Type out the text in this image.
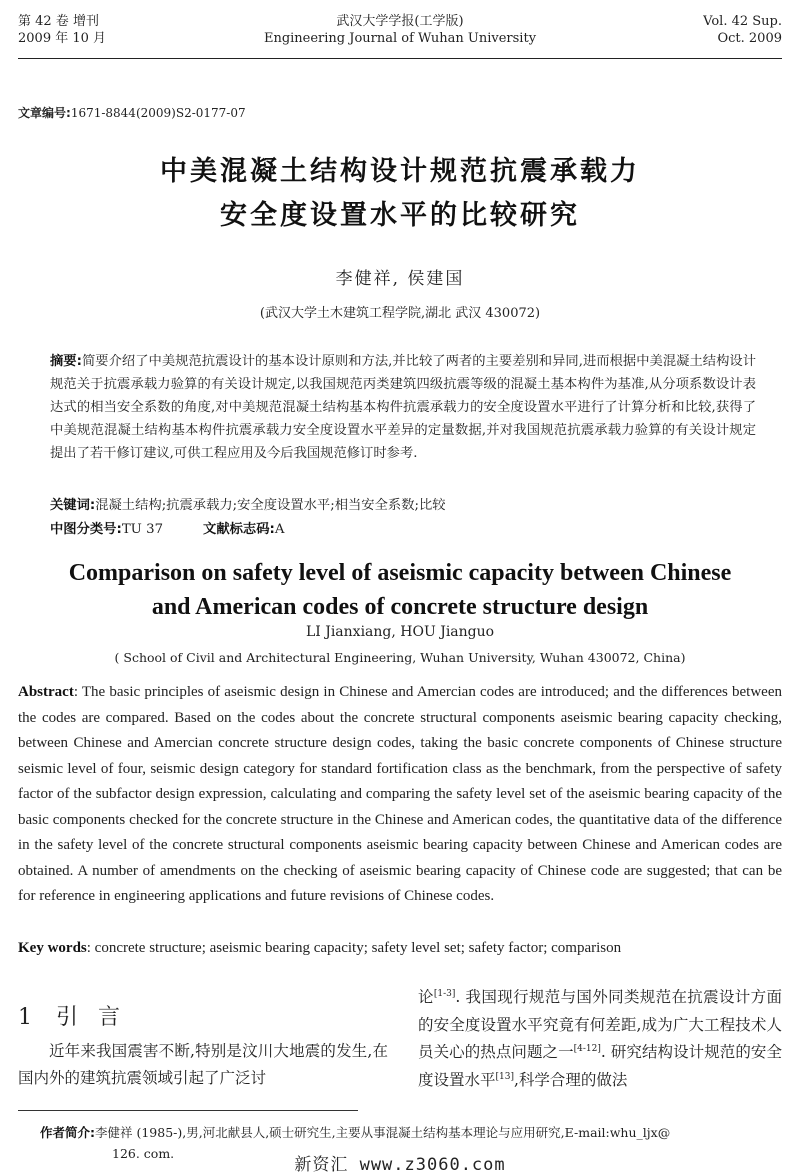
第 42 卷 增刊
2009 年 10 月
武汉大学学报(工学版)
Engineering Journal of Wuhan University
Vol. 42 Sup.
Oct. 2009
文章编号:1671-8844(2009)S2-0177-07
中美混凝土结构设计规范抗震承载力
安全度设置水平的比较研究
李健祥, 侯建国
(武汉大学土木建筑工程学院,湖北 武汉 430072)
摘要:简要介绍了中美规范抗震设计的基本设计原则和方法,并比较了两者的主要差别和异同,进而根据中美混凝土结构设计规范关于抗震承载力验算的有关设计规定,以我国规范丙类建筑四级抗震等级的混凝土基本构件为基准,从分项系数设计表达式的相当安全系数的角度,对中美规范混凝土结构基本构件抗震承载力的安全度设置水平进行了计算分析和比较,获得了中美规范混凝土结构基本构件抗震承载力安全度设置水平差异的定量数据,并对我国规范抗震承载力验算的有关设计规定提出了若干修订建议,可供工程应用及今后我国规范修订时参考.
关键词:混凝土结构;抗震承载力;安全度设置水平;相当安全系数;比较
中图分类号:TU 37	文献标志码:A
Comparison on safety level of aseismic capacity between Chinese
and American codes of concrete structure design
LI Jianxiang, HOU Jianguo
( School of Civil and Architectural Engineering, Wuhan University, Wuhan 430072, China)
Abstract: The basic principles of aseismic design in Chinese and Amercian codes are introduced; and the differences between the codes are compared. Based on the codes about the concrete structural components aseismic bearing capacity checking, between Chinese and Amercian concrete structure design codes, taking the basic concrete components of Chinese structure seismic level of four, seismic design category for standard fortification class as the benchmark, from the perspective of safety factor of the subfactor design expression, calculating and comparing the safety level set of the aseismic bearing capacity of the basic components checked for the concrete structure in the Chinese and American codes, the quantitative data of the difference in the safety level of the concrete structural components aseismic bearing capacity between Chinese and American codes are obtained. A number of amendments on the checking of aseismic bearing capacity of Chinese code are suggested; that can be for reference in engineering applications and future revisions of Chinese codes.
Key words: concrete structure; aseismic bearing capacity; safety level set; safety factor; comparison
1 引言

近年来我国震害不断,特别是汶川大地震的发生,在国内外的建筑抗震领域引起了广泛讨

论[1-3]. 我国现行规范与国外同类规范在抗震设计方面的安全度设置水平究竟有何差距,成为广大工程技术人员关心的热点问题之一[4-12]. 研究结构设计规范的安全度设置水平[13],科学合理的做法

作者简介:李健祥 (1985-),男,河北献县人,硕士研究生,主要从事混凝土结构基本理论与应用研究,E-mail:whu_ljx@
126. com.
新资汇 www.z3060.com
